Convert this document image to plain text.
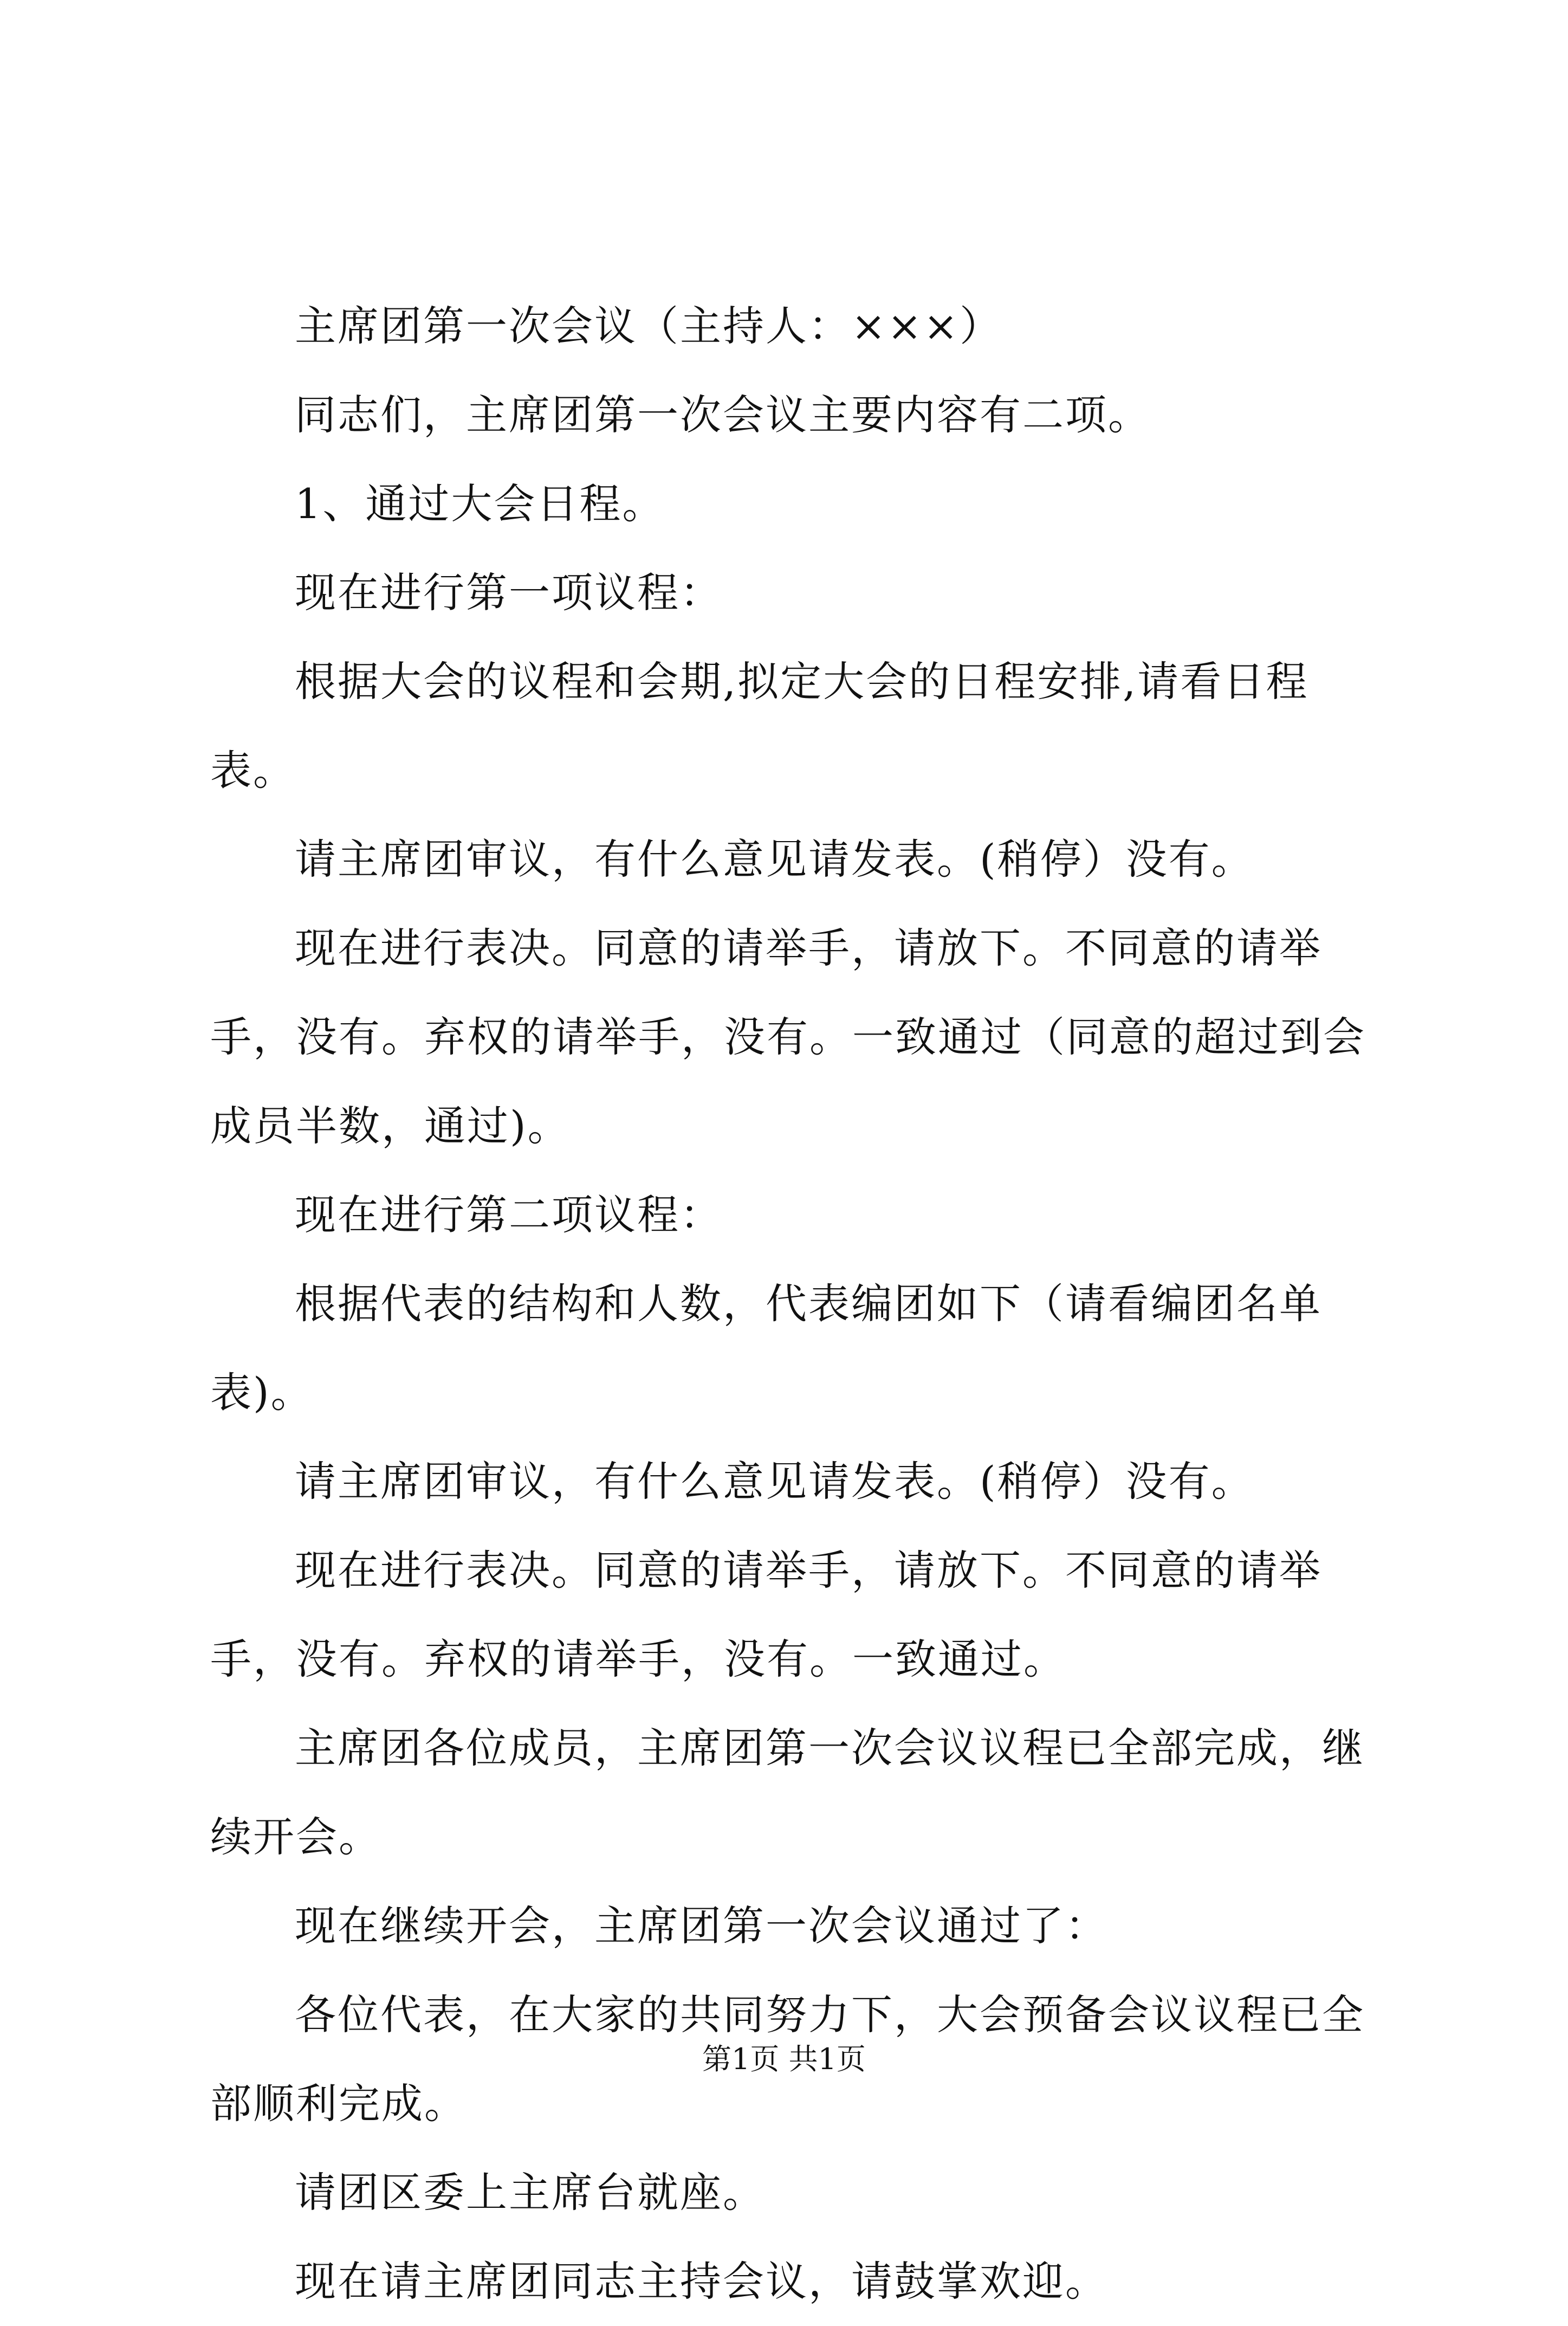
主席团第一次会议（主持人：×××）

同志们，主席团第一次会议主要内容有二项。

1、通过大会日程。

现在进行第一项议程：

根据大会的议程和会期,拟定大会的日程安排,请看日程表。

请主席团审议，有什么意见请发表。(稍停）没有。

现在进行表决。同意的请举手，请放下。不同意的请举手，没有。弃权的请举手，没有。一致通过（同意的超过到会成员半数，通过)。

现在进行第二项议程：

根据代表的结构和人数，代表编团如下（请看编团名单表)。

请主席团审议，有什么意见请发表。(稍停）没有。

现在进行表决。同意的请举手，请放下。不同意的请举手，没有。弃权的请举手，没有。一致通过。

主席团各位成员，主席团第一次会议议程已全部完成，继续开会。

现在继续开会，主席团第一次会议通过了：

各位代表，在大家的共同努力下，大会预备会议议程已全部顺利完成。

请团区委上主席台就座。

现在请主席团同志主持会议，请鼓掌欢迎。

第1页 共1页
